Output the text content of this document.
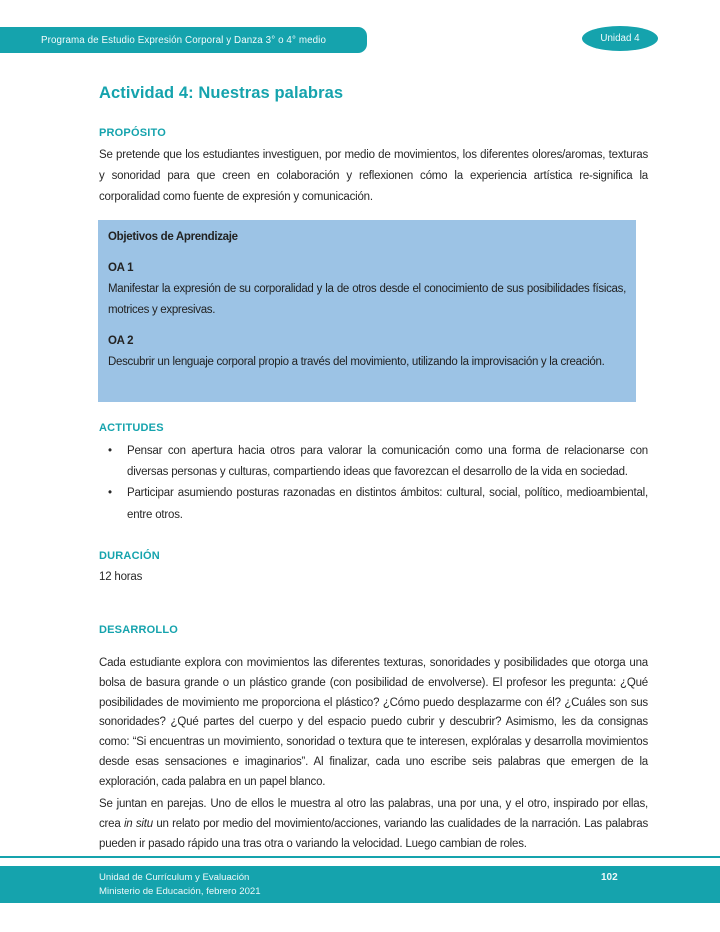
Programa de Estudio Expresión Corporal y Danza 3° o 4° medio	Unidad 4
Actividad 4: Nuestras palabras
PROPÓSITO

Se pretende que los estudiantes investiguen, por medio de movimientos, los diferentes olores/aromas, texturas y sonoridad para que creen en colaboración y reflexionen cómo la experiencia artística re-significa la corporalidad como fuente de expresión y comunicación.

Objetivos de Aprendizaje
OA 1
Manifestar la expresión de su corporalidad y la de otros desde el conocimiento de sus posibilidades físicas, motrices y expresivas.
OA 2
Descubrir un lenguaje corporal propio a través del movimiento, utilizando la improvisación y la creación.
ACTITUDES
•	Pensar con apertura hacia otros para valorar la comunicación como una forma de relacionarse con diversas personas y culturas, compartiendo ideas que favorezcan el desarrollo de la vida en sociedad.
•	Participar asumiendo posturas razonadas en distintos ámbitos: cultural, social, político, medioambiental, entre otros.
DURACIÓN

12 horas

DESARROLLO

Cada estudiante explora con movimientos las diferentes texturas, sonoridades y posibilidades que otorga una bolsa de basura grande o un plástico grande (con posibilidad de envolverse). El profesor les pregunta: ¿Qué posibilidades de movimiento me proporciona el plástico? ¿Cómo puedo desplazarme con él? ¿Cuáles son sus sonoridades? ¿Qué partes del cuerpo y del espacio puedo cubrir y descubrir? Asimismo, les da consignas como: “Si encuentras un movimiento, sonoridad o textura que te interesen, explóralas y desarrolla movimientos desde esas sensaciones e imaginarios”. Al finalizar, cada uno escribe seis palabras que emergen de la exploración, cada palabra en un papel blanco.

Se juntan en parejas. Uno de ellos le muestra al otro las palabras, una por una, y el otro, inspirado por ellas, crea in situ un relato por medio del movimiento/acciones, variando las cualidades de la narración. Las palabras pueden ir pasado rápido una tras otra o variando la velocidad. Luego cambian de roles.

Unidad de Currículum y Evaluación
Ministerio de Educación, febrero 2021
102
